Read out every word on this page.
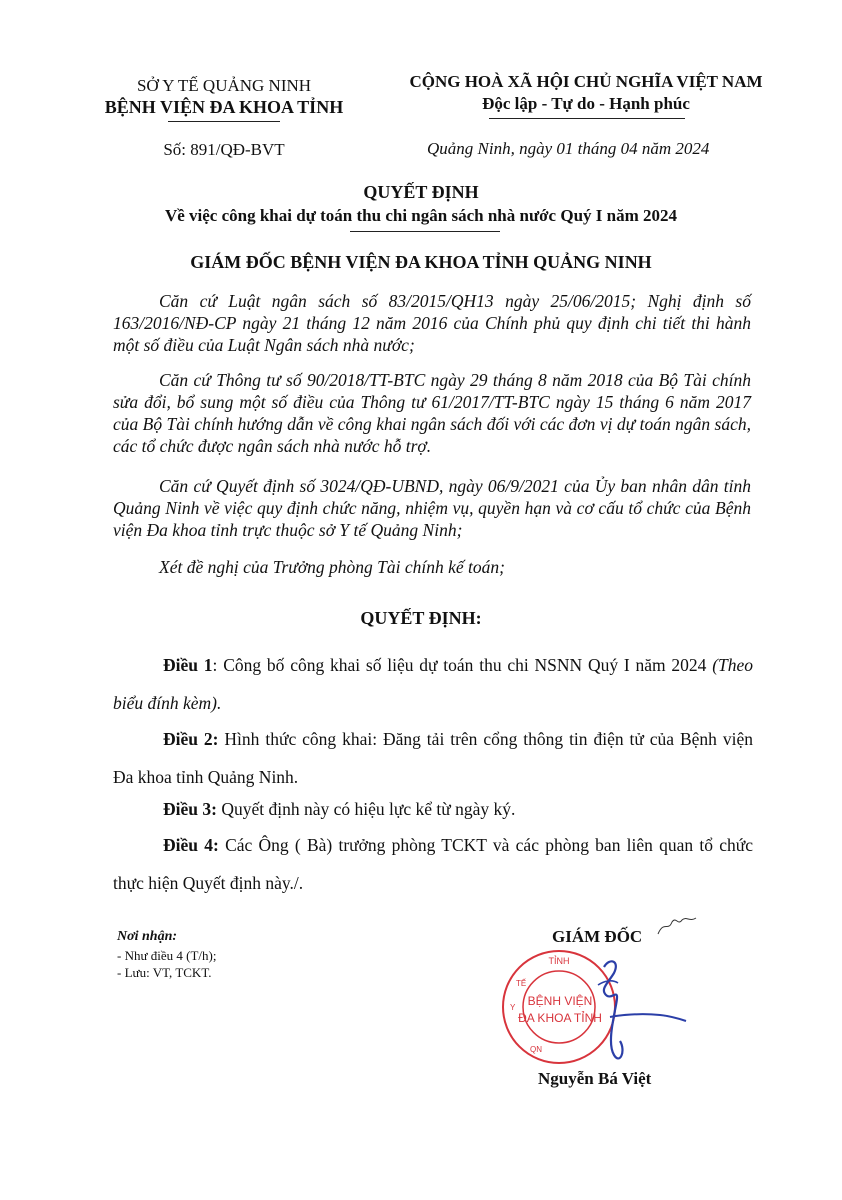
SỞ Y TẾ QUẢNG NINH
BỆNH VIỆN ĐA KHOA TỈNH
Số: 891/QĐ-BVT
CỘNG HOÀ XÃ HỘI CHỦ NGHĨA VIỆT NAM
Độc lập - Tự do - Hạnh phúc
Quảng Ninh, ngày 01 tháng 04 năm 2024
QUYẾT ĐỊNH
Về việc công khai dự toán thu chi ngân sách nhà nước Quý I năm 2024
GIÁM ĐỐC BỆNH VIỆN ĐA KHOA TỈNH QUẢNG NINH
Căn cứ Luật ngân sách số 83/2015/QH13 ngày 25/06/2015; Nghị định số 163/2016/NĐ-CP ngày 21 tháng 12 năm 2016 của Chính phủ quy định chi tiết thi hành một số điều của Luật Ngân sách nhà nước;
Căn cứ Thông tư số 90/2018/TT-BTC ngày 29 tháng 8 năm 2018 của Bộ Tài chính sửa đổi, bổ sung một số điều của Thông tư 61/2017/TT-BTC ngày 15 tháng 6 năm 2017 của Bộ Tài chính hướng dẫn về công khai ngân sách đối với các đơn vị dự toán ngân sách, các tổ chức được ngân sách nhà nước hỗ trợ.
Căn cứ Quyết định số 3024/QĐ-UBND, ngày 06/9/2021 của Ủy ban nhân dân tỉnh Quảng Ninh về việc quy định chức năng, nhiệm vụ, quyền hạn và cơ cấu tổ chức của Bệnh viện Đa khoa tỉnh trực thuộc sở Y tế Quảng Ninh;
Xét đề nghị của Trưởng phòng Tài chính kế toán;
QUYẾT ĐỊNH:
Điều 1: Công bố công khai số liệu dự toán thu chi NSNN Quý I năm 2024 (Theo biểu đính kèm).
Điều 2: Hình thức công khai: Đăng tải trên cổng thông tin điện tử của Bệnh viện Đa khoa tỉnh Quảng Ninh.
Điều 3: Quyết định này có hiệu lực kể từ ngày ký.
Điều 4: Các Ông ( Bà) trưởng phòng TCKT và các phòng ban liên quan tổ chức thực hiện Quyết định này./.
Nơi nhận:
- Như điều 4 (T/h);
- Lưu: VT, TCKT.
GIÁM ĐỐC
TỈNH
BỆNH VIỆN
ĐA KHOA TỈNH
Y
TẾ
QN
Nguyễn Bá Việt
